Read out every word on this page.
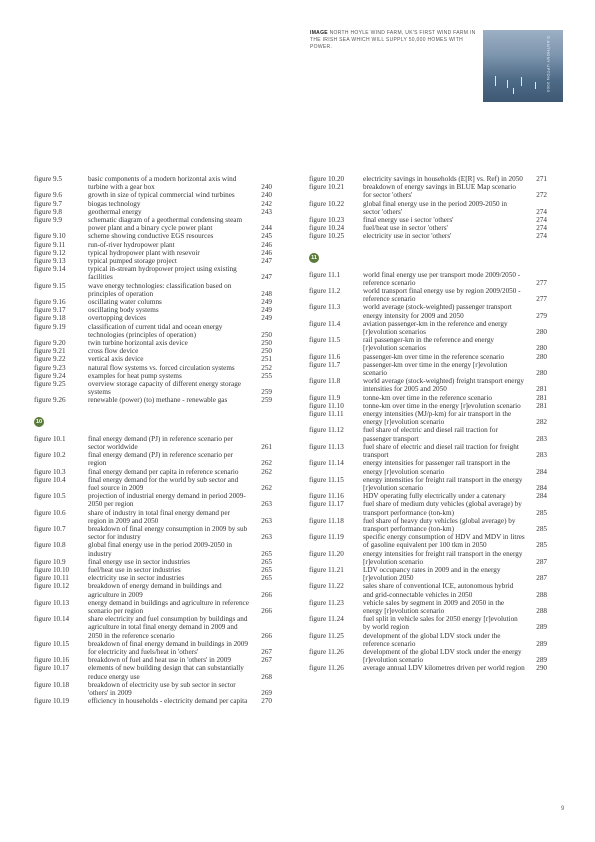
IMAGE NORTH HOYLE WIND FARM, UK'S FIRST WIND FARM IN THE IRISH SEA WHICH WILL SUPPLY 50,000 HOMES WITH POWER.	© ANTHONY UPTON 2003
figure 9.5	basic components of a modern horizontal axis wind turbine with a gear box	240
figure 9.6	growth in size of typical commercial wind turbines	240
figure 9.7	biogas technology	242
figure 9.8	geothermal energy	243
figure 9.9	schematic diagram of a geothermal condensing steam power plant and a binary cycle power plant	244
figure 9.10	scheme showing conductive EGS resources	245
figure 9.11	run-of-river hydropower plant	246
figure 9.12	typical hydropower plant with resevoir	246
figure 9.13	typical pumped storage project	247
figure 9.14	typical in-stream hydropower project using existing facilities	247
figure 9.15	wave energy technologies: classification based on principles of operation	248
figure 9.16	oscillating water columns	249
figure 9.17	oscillating body systems	249
figure 9.18	overtopping devices	249
figure 9.19	classification of current tidal and ocean energy technologies (principles of operation)	250
figure 9.20	twin turbine horizontal axis device	250
figure 9.21	cross flow device	250
figure 9.22	vertical axis device	251
figure 9.23	natural flow systems vs. forced circulation systems	252
figure 9.24	examples for heat pump systems	255
figure 9.25	overview storage capacity of different energy storage systems	259
figure 9.26	renewable (power) (to) methane - renewable gas	259
10
figure 10.1	final energy demand (PJ) in reference scenario per sector worldwide	261
figure 10.2	final energy demand (PJ) in reference scenario per region	262
figure 10.3	final energy demand per capita in reference scenario	262
figure 10.4	final energy demand for the world by sub sector and fuel source in 2009	262
figure 10.5	projection of industrial energy demand in period 2009-2050 per region	263
figure 10.6	share of industry in total final energy demand per region in 2009 and 2050	263
figure 10.7	breakdown of final energy consumption in 2009 by sub sector for industry	263
figure 10.8	global final energy use in the period 2009-2050 in industry	265
figure 10.9	final energy use in sector industries	265
figure 10.10	fuel/heat use in sector industries	265
figure 10.11	electricity use in sector industries	265
figure 10.12	breakdown of energy demand in buildings and agriculture in 2009	266
figure 10.13	energy demand in buildings and agriculture in reference scenario per region	266
figure 10.14	share electricity and fuel consumption by buildings and agriculture in total final energy demand in 2009 and 2050 in the reference scenario	266
figure 10.15	breakdown of final energy demand in buildings in 2009 for electricity and fuels/heat in 'others'	267
figure 10.16	breakdown of fuel and heat use in 'others' in 2009	267
figure 10.17	elements of new building design that can substantially reduce energy use	268
figure 10.18	breakdown of electricity use by sub sector in sector 'others' in 2009	269
figure 10.19	efficiency in households - electricity demand per capita	270
figure 10.20	electricity savings in households (E[R] vs. Ref) in 2050	271
figure 10.21	breakdown of energy savings in BLUE Map scenario for sector 'others'	272
figure 10.22	global final energy use in the period 2009-2050 in sector 'others'	274
figure 10.23	final energy use i sector 'others'	274
figure 10.24	fuel/heat use in sector 'others'	274
figure 10.25	electricity use in sector 'others'	274
11
figure 11.1	world final energy use per transport mode 2009/2050 - reference scenario	277
figure 11.2	world transport final energy use by region 2009/2050 - reference scenario	277
figure 11.3	world average (stock-weighted) passenger transport energy intensity for 2009 and 2050	279
figure 11.4	aviation passenger-km in the reference and energy [r]evolution scenarios	280
figure 11.5	rail passenger-km in the reference and energy [r]evolution scenarios	280
figure 11.6	passenger-km over time in the reference scenario	280
figure 11.7	passenger-km over time in the energy [r]evolution scenario	280
figure 11.8	world average (stock-weighted) freight transport energy intensities for 2005 and 2050	281
figure 11.9	tonne-km over time in the reference scenario	281
figure 11.10	tonne-km over time in the energy [r]evolution scenario	281
figure 11.11	energy intensities (MJ/p-km) for air transport in the energy [r]evolution scenario	282
figure 11.12	fuel share of electric and diesel rail traction for passenger transport	283
figure 11.13	fuel share of electric and diesel rail traction for freight transport	283
figure 11.14	energy intensities for passenger rail transport in the energy [r]evolution scenario	284
figure 11.15	energy intensities for freight rail transport in the energy [r]evolution scenario	284
figure 11.16	HDV operating fully electrically under a catenary	284
figure 11.17	fuel share of medium duty vehicles (global average) by transport performance (ton-km)	285
figure 11.18	fuel share of heavy duty vehicles (global average) by transport performance (ton-km)	285
figure 11.19	specific energy consumption of HDV and MDV in litres of gasoline equivalent per 100 tkm in 2050	285
figure 11.20	energy intensities for freight rail transport in the energy [r]evolution scenario	287
figure 11.21	LDV occupancy rates in 2009 and in the energy [r]evolution 2050	287
figure 11.22	sales share of conventional ICE, autonomous hybrid and grid-connectable vehicles in 2050	288
figure 11.23	vehicle sales by segment in 2009 and 2050 in the energy [r]evolution scenario	288
figure 11.24	fuel split in vehicle sales for 2050 energy [r]evolution by world region	289
figure 11.25	development of the global LDV stock under the reference scenario	289
figure 11.26	development of the global LDV stock under the energy [r]evolution scenario	289
figure 11.26	average annual LDV kilometres driven per world region	290
9
